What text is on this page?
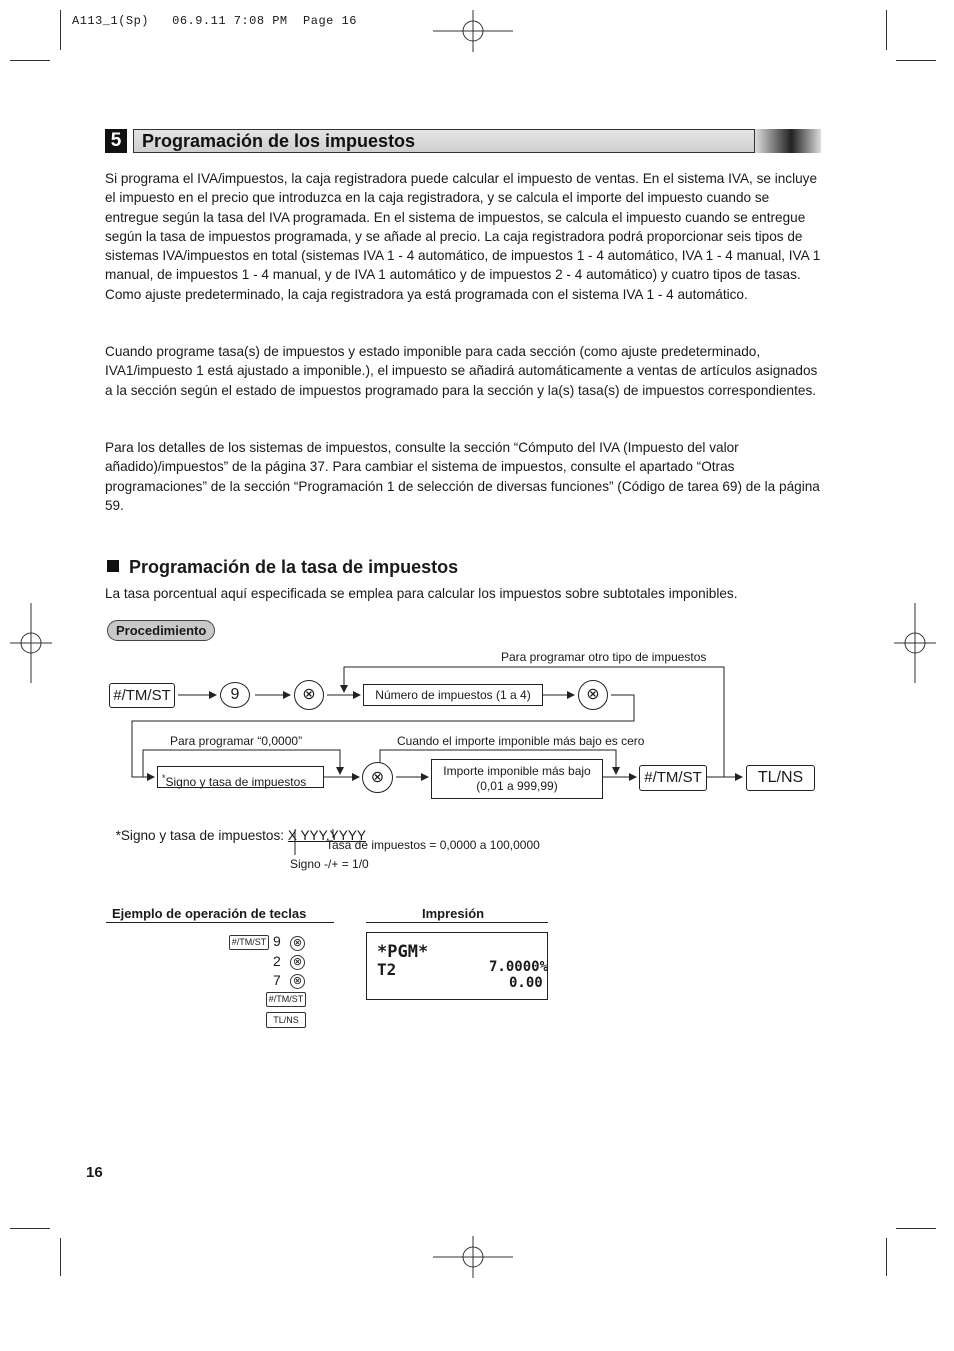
A113_1(Sp)   06.9.11 7:08 PM  Page 16
5	Programación de los impuestos
Si programa el IVA/impuestos, la caja registradora puede calcular el impuesto de ventas. En el sistema IVA, se incluye el impuesto en el precio que introduzca en la caja registradora, y se calcula el importe del impuesto cuando se entregue según la tasa del IVA programada. En el sistema de impuestos, se calcula el impuesto cuando se entregue según la tasa de impuestos programada, y se añade al precio. La caja registradora podrá proporcionar seis tipos de sistemas IVA/impuestos en total (sistemas IVA 1 - 4 automático, de impuestos 1 - 4 automático, IVA 1 - 4 manual, IVA 1 manual, de impuestos 1 - 4 manual, y de IVA 1 automático y de impuestos 2 - 4 automático) y cuatro tipos de tasas. Como ajuste predeterminado, la caja registradora ya está programada con el sistema IVA 1 - 4 automático.
Cuando programe tasa(s) de impuestos y estado imponible para cada sección (como ajuste predeterminado, IVA1/impuesto 1 está ajustado a imponible.), el impuesto se añadirá automáticamente a ventas de artículos asignados a la sección según el estado de impuestos programado para la sección y la(s) tasa(s) de impuestos correspondientes.
Para los detalles de los sistemas de impuestos, consulte la sección “Cómputo del IVA (Impuesto del valor añadido)/impuestos” de la página 37. Para cambiar el sistema de impuestos, consulte el apartado “Otras programaciones” de la sección “Programación 1 de selección de diversas funciones” (Código de tarea 69) de la página 59.
Programación de la tasa de impuestos
La tasa porcentual aquí especificada se emplea para calcular los impuestos sobre subtotales imponibles.
Procedimiento
#/TM/ST	9	⊗
Para programar otro tipo de impuestos
Número de impuestos (1 a 4)	⊗
Para programar “0,0000”	Cuando el importe imponible más bajo es cero
*Signo y tasa de impuestos	⊗	Importe imponible más bajo
(0,01 a 999,99)	#/TM/ST	TL/NS

*Signo y tasa de impuestos: X YYY.YYYY

Tasa de impuestos = 0,0000 a 100,0000
Signo -/+ = 1/0
Ejemplo de operación de teclas	Impresión
#/TM/ST 9 ⊗
2 ⊗
7 ⊗
#/TM/ST
TL/NS
*PGM*
T2	7.0000%
0.00
16
